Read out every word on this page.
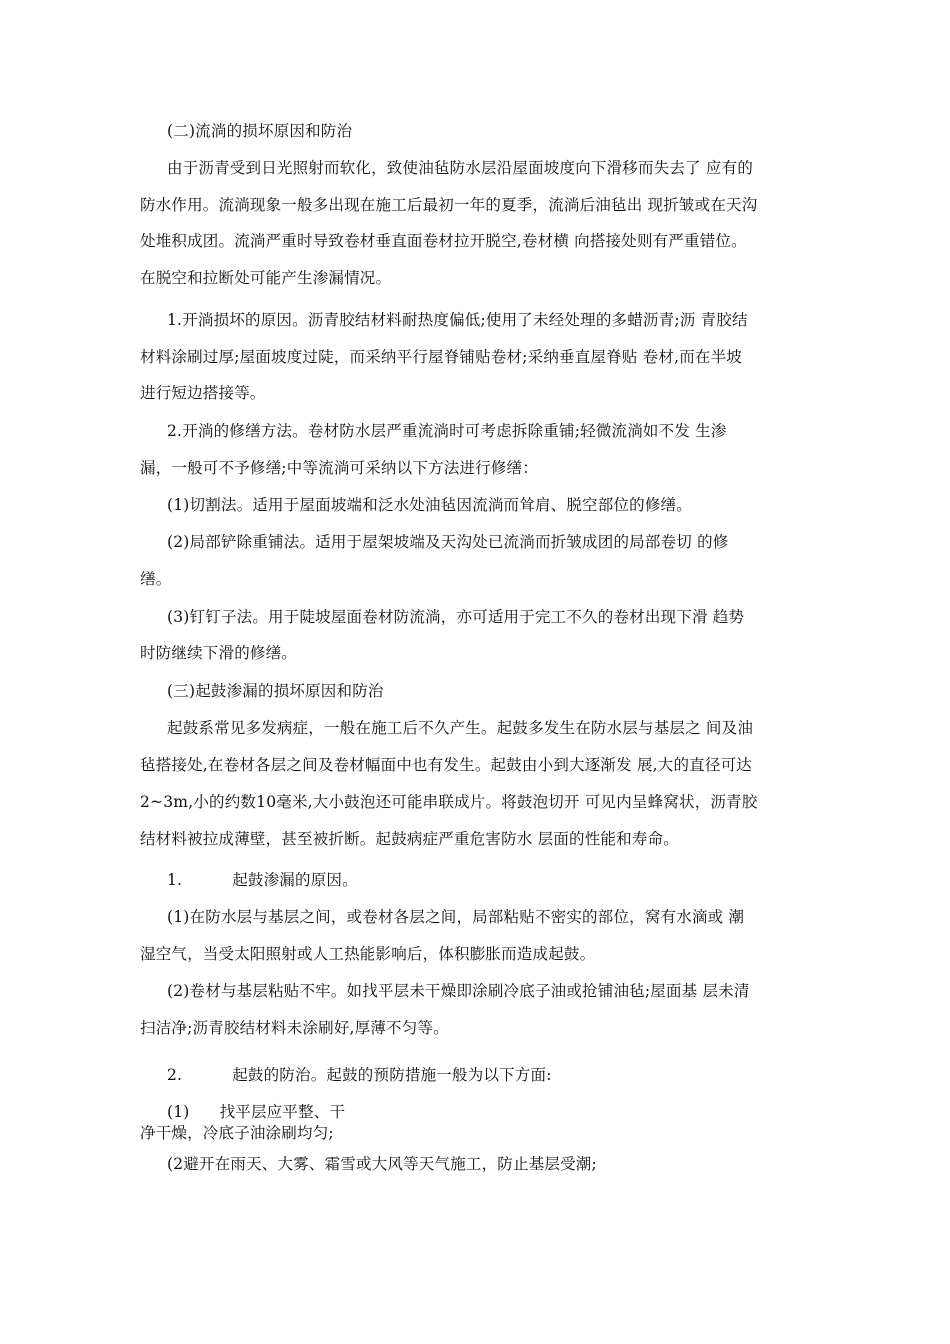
(二)流淌的损坏原因和防治
由于沥青受到日光照射而软化，致使油毡防水层沿屋面坡度向下滑移而失去了 应有的
防水作用。流淌现象一般多出现在施工后最初一年的夏季，流淌后油毡出 现折皱或在天沟
处堆积成团。流淌严重时导致卷材垂直面卷材拉开脱空,卷材横 向搭接处则有严重错位。
在脱空和拉断处可能产生渗漏情况。
1.开淌损坏的原因。沥青胶结材料耐热度偏低;使用了未经处理的多蜡沥青;沥 青胶结
材料涂刷过厚;屋面坡度过陡，而采纳平行屋脊铺贴卷材;采纳垂直屋脊贴 卷材,而在半坡
进行短边搭接等。
2.开淌的修缮方法。卷材防水层严重流淌时可考虑拆除重铺;轻微流淌如不发 生渗
漏，一般可不予修缮;中等流淌可采纳以下方法进行修缮：
(1)切割法。适用于屋面坡端和泛水处油毡因流淌而耸肩、脱空部位的修缮。
(2)局部铲除重铺法。适用于屋架坡端及天沟处已流淌而折皱成团的局部卷切 的修
缮。
(3)钉钉子法。用于陡坡屋面卷材防流淌，亦可适用于完工不久的卷材出现下滑 趋势
时防继续下滑的修缮。
(三)起鼓渗漏的损坏原因和防治
起鼓系常见多发病症，一般在施工后不久产生。起鼓多发生在防水层与基层之 间及油
毡搭接处,在卷材各层之间及卷材幅面中也有发生。起鼓由小到大逐渐发 展,大的直径可达
2~3m,小的约数10毫米,大小鼓泡还可能串联成片。将鼓泡切开 可见内呈蜂窝状，沥青胶
结材料被拉成薄壁，甚至被折断。起鼓病症严重危害防水 层面的性能和寿命。
1.	起鼓渗漏的原因。
(1)在防水层与基层之间，或卷材各层之间，局部粘贴不密实的部位，窝有水滴或 潮
湿空气，当受太阳照射或人工热能影响后，体积膨胀而造成起鼓。
(2)卷材与基层粘贴不牢。如找平层未干燥即涂刷冷底子油或抢铺油毡;屋面基 层未清
扫洁净;沥青胶结材料未涂刷好,厚薄不匀等。
2.	起鼓的防治。起鼓的预防措施一般为以下方面:
(1) 找平层应平整、干
净干燥，冷底子油涂刷均匀;
(2避开在雨天、大雾、霜雪或大风等天气施工，防止基层受潮;
